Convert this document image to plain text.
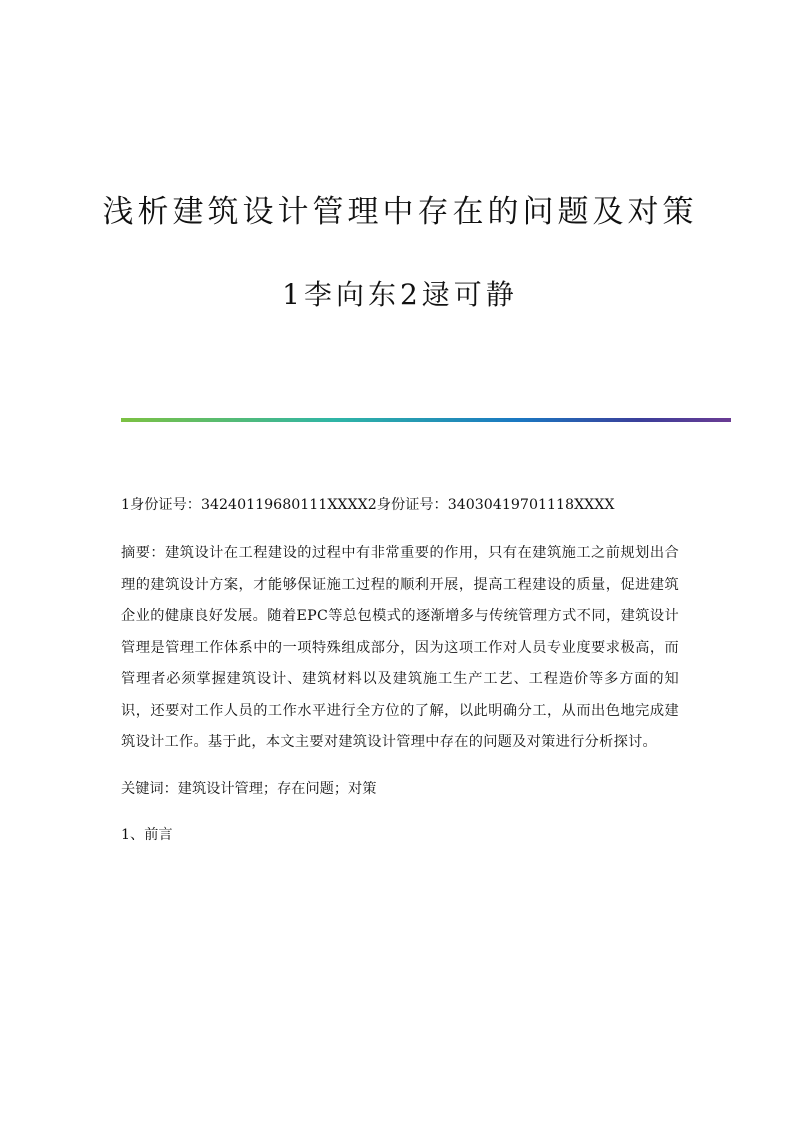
浅析建筑设计管理中存在的问题及对策
1李向东2逯可静

1身份证号：34240119680111XXXX2身份证号：34030419701118XXXX

摘要：建筑设计在工程建设的过程中有非常重要的作用，只有在建筑施工之前规划出合理的建筑设计方案，才能够保证施工过程的顺利开展，提高工程建设的质量，促进建筑企业的健康良好发展。随着EPC等总包模式的逐渐增多与传统管理方式不同，建筑设计管理是管理工作体系中的一项特殊组成部分，因为这项工作对人员专业度要求极高，而管理者必须掌握建筑设计、建筑材料以及建筑施工生产工艺、工程造价等多方面的知识，还要对工作人员的工作水平进行全方位的了解，以此明确分工，从而出色地完成建筑设计工作。基于此，本文主要对建筑设计管理中存在的问题及对策进行分析探讨。

关键词：建筑设计管理；存在问题；对策

1、前言
